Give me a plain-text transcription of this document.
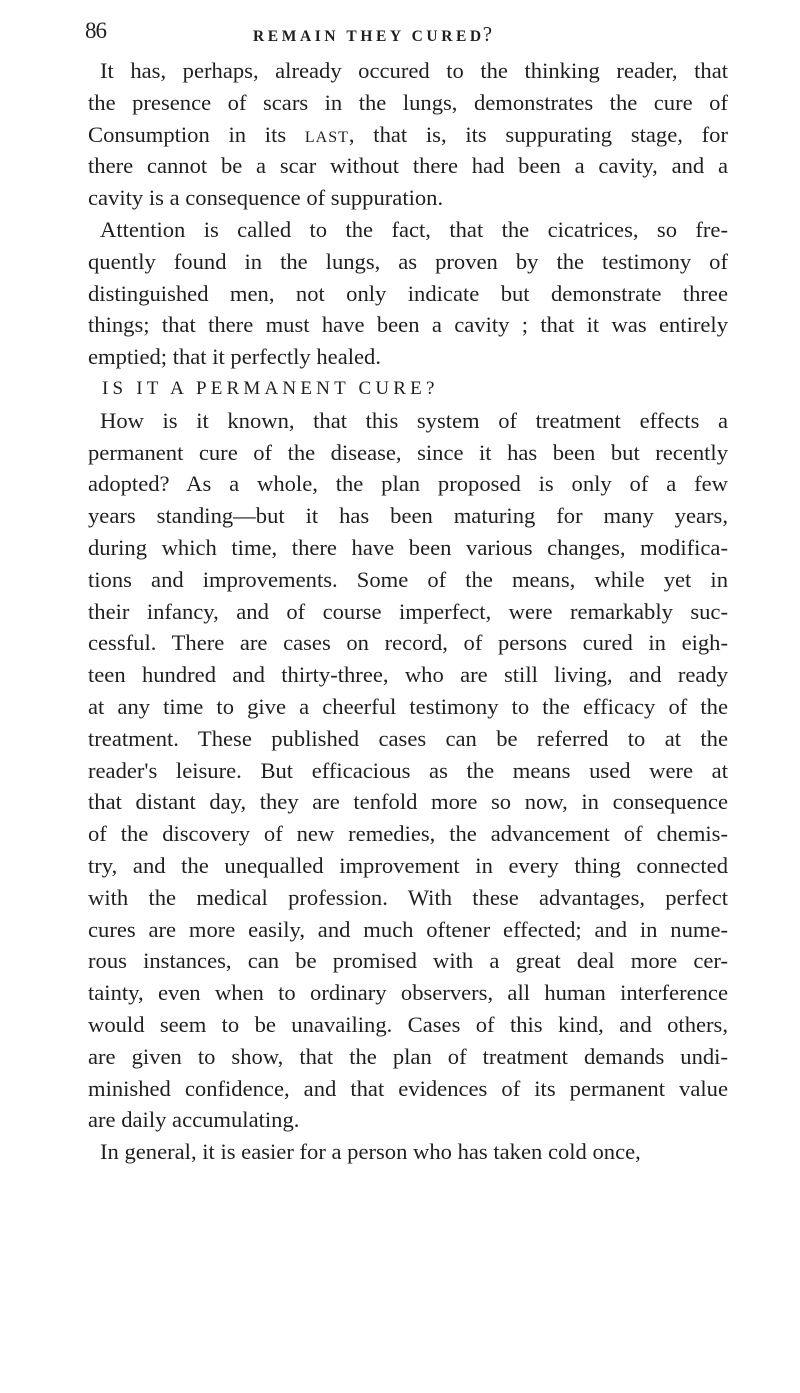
86	REMAIN THEY CURED?
It has, perhaps, already occured to the thinking reader, that
the presence of scars in the lungs, demonstrates the cure of
Consumption in its last, that is, its suppurating stage, for
there cannot be a scar without there had been a cavity, and a
cavity is a consequence of suppuration.
Attention is called to the fact, that the cicatrices, so fre-
quently found in the lungs, as proven by the testimony of
distinguished men, not only indicate but demonstrate three
things; that there must have been a cavity ; that it was entirely
emptied; that it perfectly healed.
IS IT A PERMANENT CURE?
How is it known, that this system of treatment effects a
permanent cure of the disease, since it has been but recently
adopted? As a whole, the plan proposed is only of a few
years standing—but it has been maturing for many years,
during which time, there have been various changes, modifica-
tions and improvements. Some of the means, while yet in
their infancy, and of course imperfect, were remarkably suc-
cessful. There are cases on record, of persons cured in eigh-
teen hundred and thirty-three, who are still living, and ready
at any time to give a cheerful testimony to the efficacy of the
treatment. These published cases can be referred to at the
reader's leisure. But efficacious as the means used were at
that distant day, they are tenfold more so now, in consequence
of the discovery of new remedies, the advancement of chemis-
try, and the unequalled improvement in every thing connected
with the medical profession. With these advantages, perfect
cures are more easily, and much oftener effected; and in nume-
rous instances, can be promised with a great deal more cer-
tainty, even when to ordinary observers, all human interference
would seem to be unavailing. Cases of this kind, and others,
are given to show, that the plan of treatment demands undi-
minished confidence, and that evidences of its permanent value
are daily accumulating.
In general, it is easier for a person who has taken cold once,
